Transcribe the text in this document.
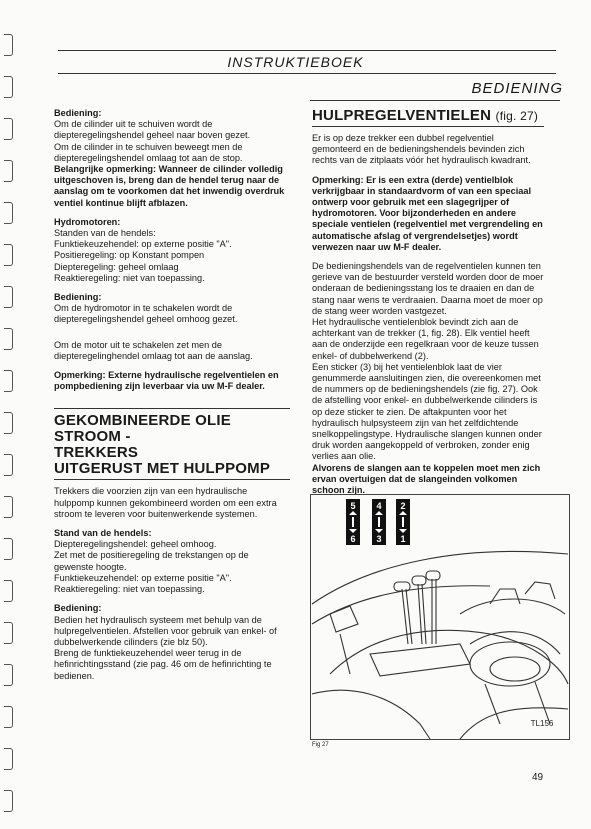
INSTRUKTIEBOEK
BEDIENING

Bediening:

Om de cilinder uit te schuiven wordt de diepteregelingshendel geheel naar boven gezet.

Om de cilinder in te schuiven beweegt men de diepteregelingshendel omlaag tot aan de stop.

Belangrijke opmerking: Wanneer de cilinder volledig uitgeschoven is, breng dan de hendel terug naar de aanslag om te voorkomen dat het inwendig overdruk ventiel kontinue blijft afblazen.

Hydromotoren:

Standen van de hendels:

Funktiekeuzehendel: op externe positie "A".

Positieregeling: op Konstant pompen

Diepteregeling: geheel omlaag

Reaktieregeling: niet van toepassing.

Bediening:

Om de hydromotor in te schakelen wordt de diepteregelingshendel geheel omhoog gezet.

Om de motor uit te schakelen zet men de diepteregelinghendel omlaag tot aan de aanslag.

Opmerking: Externe hydraulische regelventielen en pompbediening zijn leverbaar via uw M-F dealer.

GEKOMBINEERDE OLIE STROOM -

TREKKERS

UITGERUST MET HULPPOMP

Trekkers die voorzien zijn van een hydraulische hulppomp kunnen gekombineerd worden om een extra stroom te leveren voor buitenwerkende systemen.

Stand van de hendels:

Diepteregelingshendel: geheel omhoog.

Zet met de positieregeling de trekstangen op de gewenste hoogte.

Funktiekeuzehendel: op externe positie "A".

Reaktieregeling: niet van toepassing.

Bediening:

Bedien het hydraulisch systeem met behulp van de hulpregelventielen. Afstellen voor gebruik van enkel- of dubbelwerkende cilinders (zie blz 50).

Breng de funktiekeuzehendel weer terug in de hefinrichtingsstand (zie pag. 46 om de hefinrichting te bedienen.

HULPREGELVENTIELEN (fig. 27)

Er is op deze trekker een dubbel regelventiel gemonteerd en de bedieningshendels bevinden zich rechts van de zitplaats vóór het hydraulisch kwadrant.

Opmerking: Er is een extra (derde) ventielblok verkrijgbaar in standaardvorm of van een speciaal ontwerp voor gebruik met een slagegrijper of hydromotoren. Voor bijzonderheden en andere speciale ventielen (regelventiel met vergrendeling en automatische afslag of vergrendelsetjes) wordt verwezen naar uw M-F dealer.

De bedieningshendels van de regelventielen kunnen ten gerieve van de bestuurder versteld worden door de moer onderaan de bedieningsstang los te draaien en dan de stang naar wens te verdraaien. Daarna moet de moer op de stang weer worden vastgezet.

Het hydraulische ventielenblok bevindt zich aan de achterkant van de trekker (1, fig. 28). Elk ventiel heeft aan de onderzijde een regelkraan voor de keuze tussen enkel- of dubbelwerkend (2).

Een sticker (3) bij het ventielenblok laat de vier genummerde aansluitingen zien, die overeenkomen met de nummers op de bedieningshendels (zie fig. 27). Ook de afstelling voor enkel- en dubbelwerkende cilinders is op deze sticker te zien. De aftakpunten voor het hydraulisch hulpsysteem zijn van het zelfdichtende snelkoppelingstype. Hydraulische slangen kunnen onder druk worden aangekoppeld of verbroken, zonder enig verlies aan olie.

Alvorens de slangen aan te koppelen moet men zich ervan overtuigen dat de slangeinden volkomen schoon zijn.

5
6
4
3
2
1
TL156
Fig 27
49
